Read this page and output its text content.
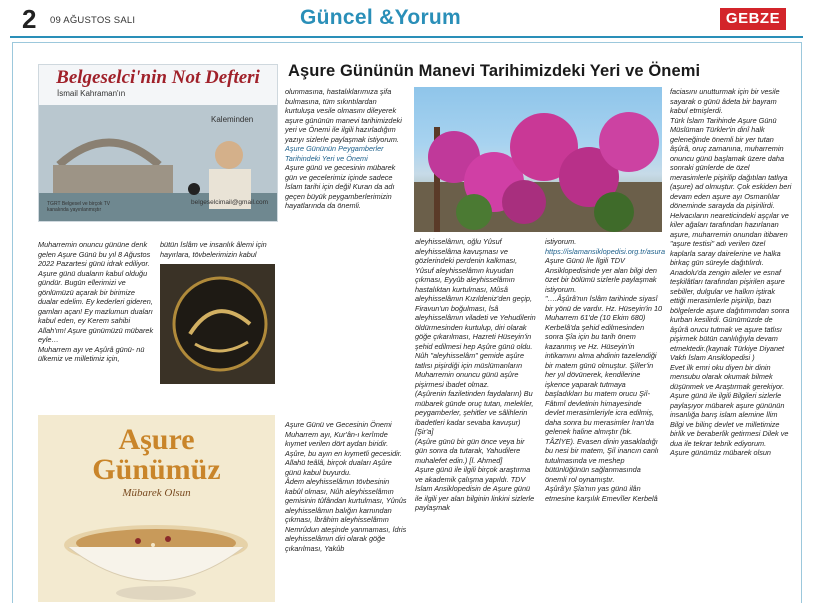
2 09 AĞUSTOS SALI	Güncel &Yorum	GEBZE
Belgeselci'nin Not Defteri
İsmail Kahraman'ın
Kaleminden
belgeselcimail@gmail.com
TGRT Belgesel ve birçok TV kanalında yayınlanmıştır
Aşure Gününün Manevi Tarihimizdeki Yeri ve Önemi
Aşure
Günümüz
Mübarek Olsun

Muharremin onuncu gününe denk gelen Aşure Günü bu yıl 8 Ağustos 2022 Pazartesi günü idrak ediliyor.

Aşure günü duaların kabul olduğu gündür. Bugün ellerimizi ve gönlümüzü açarak bir birimize dualar edelim. Ey kederleri gideren, gamları açan! Ey mazlumun duaları kabul eden, ey Kerem sahibi Allah'ım! Aşure günümüzü mübarek eyle…

Muharrem ayı ve Aşûrâ günü- nü ülkemiz ve milletimiz için,

bütün İslâm ve insanlık âlemi için hayırlara, tövbelerimizin kabul

olunmasına, hastalıklarımıza şifa bulmasına, tüm sıkıntılardan kurtuluşa vesile olmasını dileyerek aşure gününün manevi tarihimizdeki yeri ve Önemi ile ilgili hazırladığım yazıyı sizlerle paylaşmak istiyorum.

Aşure Gününün Peygamberler Tarihindeki Yeri ve Önemi

Aşure günü ve gecesinin mübarek gün ve gecelerimiz içinde sadece İslam tarihi için değil Kuran da adı geçen büyük peygamberlerimizin hayatlarında da önemli.

Aşure Günü ve Gecesinin Önemi Muharrem ayı, Kur'ân-ı kerîmde kıymet verilen dört aydan biridir. Aşûre, bu ayın en kıymetli gecesidir. Allahü teâlâ, birçok duaları Aşûre günü kabul buyurdu.

Âdem aleyhisselâmın tövbesinin kabûl olması, Nûh aleyhisselâmın gemisinin tûfândan kurtulması, Yûnûs aleyhisselâmın balığın karnından çıkması, İbrâhim aleyhisselâmın Nemrûdun ateşinde yanmaması, İdris aleyhisselâmın diri olarak göğe çıkarılması, Yakûb

aleyhisselâmın, oğlu Yûsuf aleyhisselâma kavuşması ve gözlerindeki perdenin kalkması, Yûsuf aleyhisselâmın kuyudan çıkması, Eyyûb aleyhisselâmın hastalıktan kurtulması, Mûsâ aleyhisselâmın Kızıldeniz'den geçip, Firavun'un boğulması, İsâ aleyhisselâmın viladeti ve Yehudilerin öldürmesinden kurtulup, diri olarak göğe çıkarılması, Hazreti Hüseyin'in şehid edilmesi hep Aşûre günü oldu.

Nûh "aleyhisselâm" gemide aşûre tatlısı pişirdiği için müslümanların Muharremin onuncu günü aşûre pişirmesi ibadet olmaz.

(Aşûrenin faziletinden faydaların) Bu mübarek günde oruç tutan, melekler, peygamberler, şehitler ve sâlihlerin ibadetleri kadar sevaba kavuşur) [Şir'a]

(Aşûre günü bir gün önce veya bir gün sonra da tutarak, Yahudilere muhalefet edin.) [İ. Ahmed]

Aşure günü ile ilgili birçok araştırma ve akademik çalışma yapıldı. TDV İslam Ansiklopedisin de Aşure günü ile ilgili yer alan bilginin linkini sizlerle paylaşmak

istiyorum.

https://islamansiklopedisi.org.tr/asura

Aşure Günü İle İlgili TDV Ansiklopedisinde yer alan bilgi den özet bir bölümü sizlerle paylaşmak istiyorum.

"….Âşûrâ'nın İslâm tarihinde siyasî bir yönü de vardır. Hz. Hüseyin'in 10 Muharrem 61'de (10 Ekim 680) Kerbelâ'da şehid edilmesinden sonra Şîa için bu tarih önem kazanmış ve Hz. Hüseyin'in intikamını alma ahdinin tazelendiği bir matem günü olmuştur. Şiîler'in her yıl dövünerek, kendilerine işkence yaparak tutmaya başladıkları bu matem orucu Şiî-Fâtımî devletinin himayesinde devlet merasimleriyle icra edilmiş, daha sonra bu merasimler İran'da gelenek haline almıştır (bk. TÂZİYE). Evasen dinin yasakladığı bu nesi bir matem, Şiî inancın canlı tutulmasında ve meshep bütünlüğünün sağlanmasında önemli rol oynamıştır.

Aşûrâ'yı Şîa'nın yas günü ilân etmesine karşılık Emevîler Kerbelâ

faciasını unutturmak için bir vesile sayarak o günü âdeta bir bayram kabul etmişlerdi.

Türk İslam Tarihinde Aşure Günü Müslüman Türkler'in dinî halk geleneğinde önemli bir yer tutan âşûrâ, oruç zamanına, muharremin onuncu günü başlamak üzere daha sonraki günlerde de özel merasimlerle pişirilip dağıtılan tatlıya (aşure) ad olmuştur. Çok eskiden beri devam eden aşure ayı Osmanlılar döneminde sarayda da pişirilirdi. Helvacıların neareticindeki aşçılar ve kiler ağaları tarafından hazırlanan aşure, muharremin onundan itibaren "aşure testisi" adı verilen özel kaplarla saray dairelerine ve halka birkaç gün süreyle dağıtılırdı. Anadolu'da zengin aileler ve esnaf teşkilâtları tarafından pişirilen aşure sebiller, dulgular ve halkın iştirak ettiği merasimlerle pişirilip, bazı bölgelerde aşure dağıtımından sonra kurban kesilirdi. Günümüzde de âşûrâ orucu tutmak ve aşure tatlısı pişirmek bütün canlılığıyla devam etmektedir.(kaynak Türkiye Diyanet Vakfı İslam Ansiklopedisi )

Evet ilk emri oku diyen bir dinin mensubu olarak okumak bilmek düşünmek ve Araştırmak gerekiyor. Aşure günü ile ilgili Bilgileri sizlerle paylaşıyor mübarek aşure gününün insanlığa barış islam alemine İlim Bilgi ve bilinç devlet ve milletimize birlik ve beraberlik getirmesi Dilek ve dua ile tekrar tebrik ediyorum.

Aşure günümüz mübarek olsun
